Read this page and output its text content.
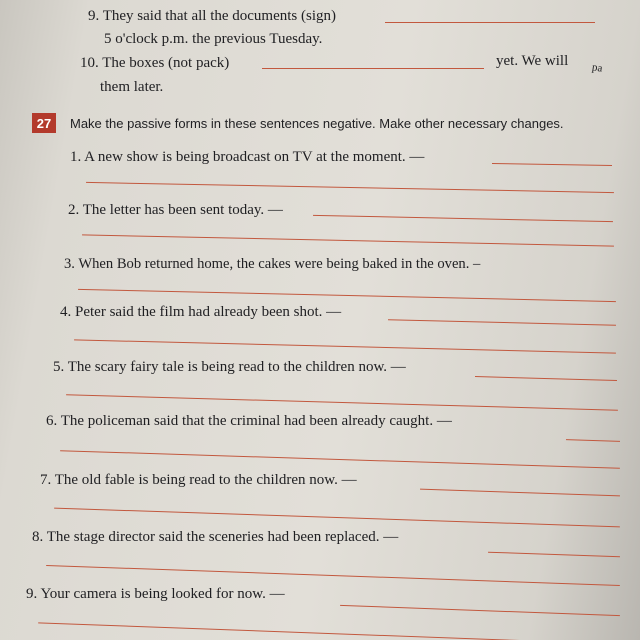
9. They said that all the documents (sign)
5 o'clock p.m. the previous Tuesday.
10. The boxes (not pack)	yet. We will pa
them later.
27	Make the passive forms in these sentences negative. Make other necessary changes.
1. A new show is being broadcast on TV at the moment. —
2. The letter has been sent today. —
3. When Bob returned home, the cakes were being baked in the oven. –
4. Peter said the film had already been shot. —
5. The scary fairy tale is being read to the children now. —
6. The policeman said that the criminal had been already caught. —
7. The old fable is being read to the children now. —
8. The stage director said the sceneries had been replaced. —
9. Your camera is being looked for now. —
